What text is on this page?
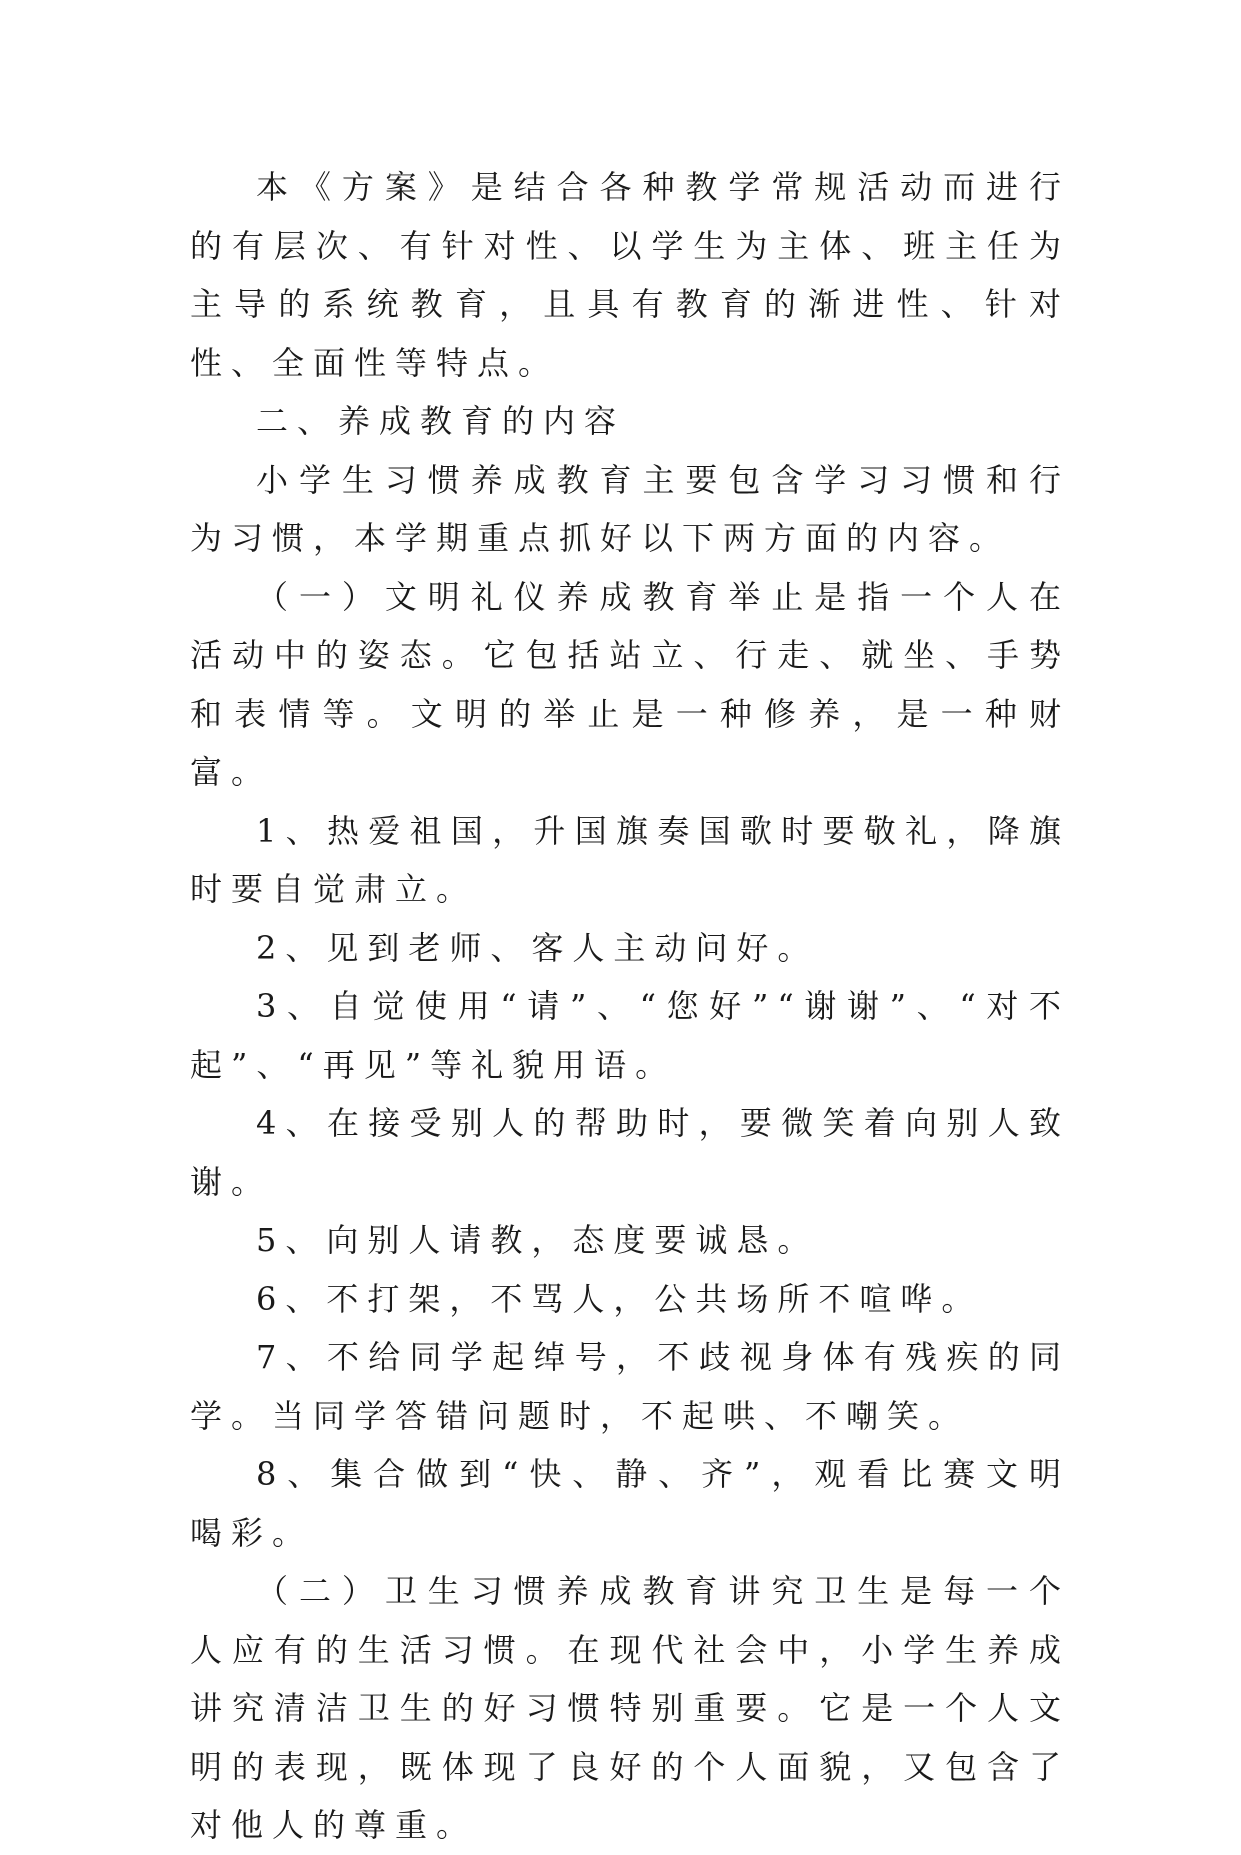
本《方案》是结合各种教学常规活动而进行的有层次、有针对性、以学生为主体、班主任为主导的系统教育，且具有教育的渐进性、针对性、全面性等特点。

二、养成教育的内容

小学生习惯养成教育主要包含学习习惯和行为习惯，本学期重点抓好以下两方面的内容。

（一）文明礼仪养成教育举止是指一个人在活动中的姿态。它包括站立、行走、就坐、手势和表情等。文明的举止是一种修养，是一种财富。

1、热爱祖国，升国旗奏国歌时要敬礼，降旗时要自觉肃立。

2、见到老师、客人主动问好。

3、自觉使用“请”、“您好”“谢谢”、“对不起”、“再见”等礼貌用语。

4、在接受别人的帮助时，要微笑着向别人致谢。

5、向别人请教，态度要诚恳。

6、不打架，不骂人，公共场所不喧哗。

7、不给同学起绰号，不歧视身体有残疾的同学。当同学答错问题时，不起哄、不嘲笑。

8、集合做到“快、静、齐”，观看比赛文明喝彩。

（二）卫生习惯养成教育讲究卫生是每一个人应有的生活习惯。在现代社会中，小学生养成讲究清洁卫生的好习惯特别重要。它是一个人文明的表现，既体现了良好的个人面貌，又包含了对他人的尊重。
